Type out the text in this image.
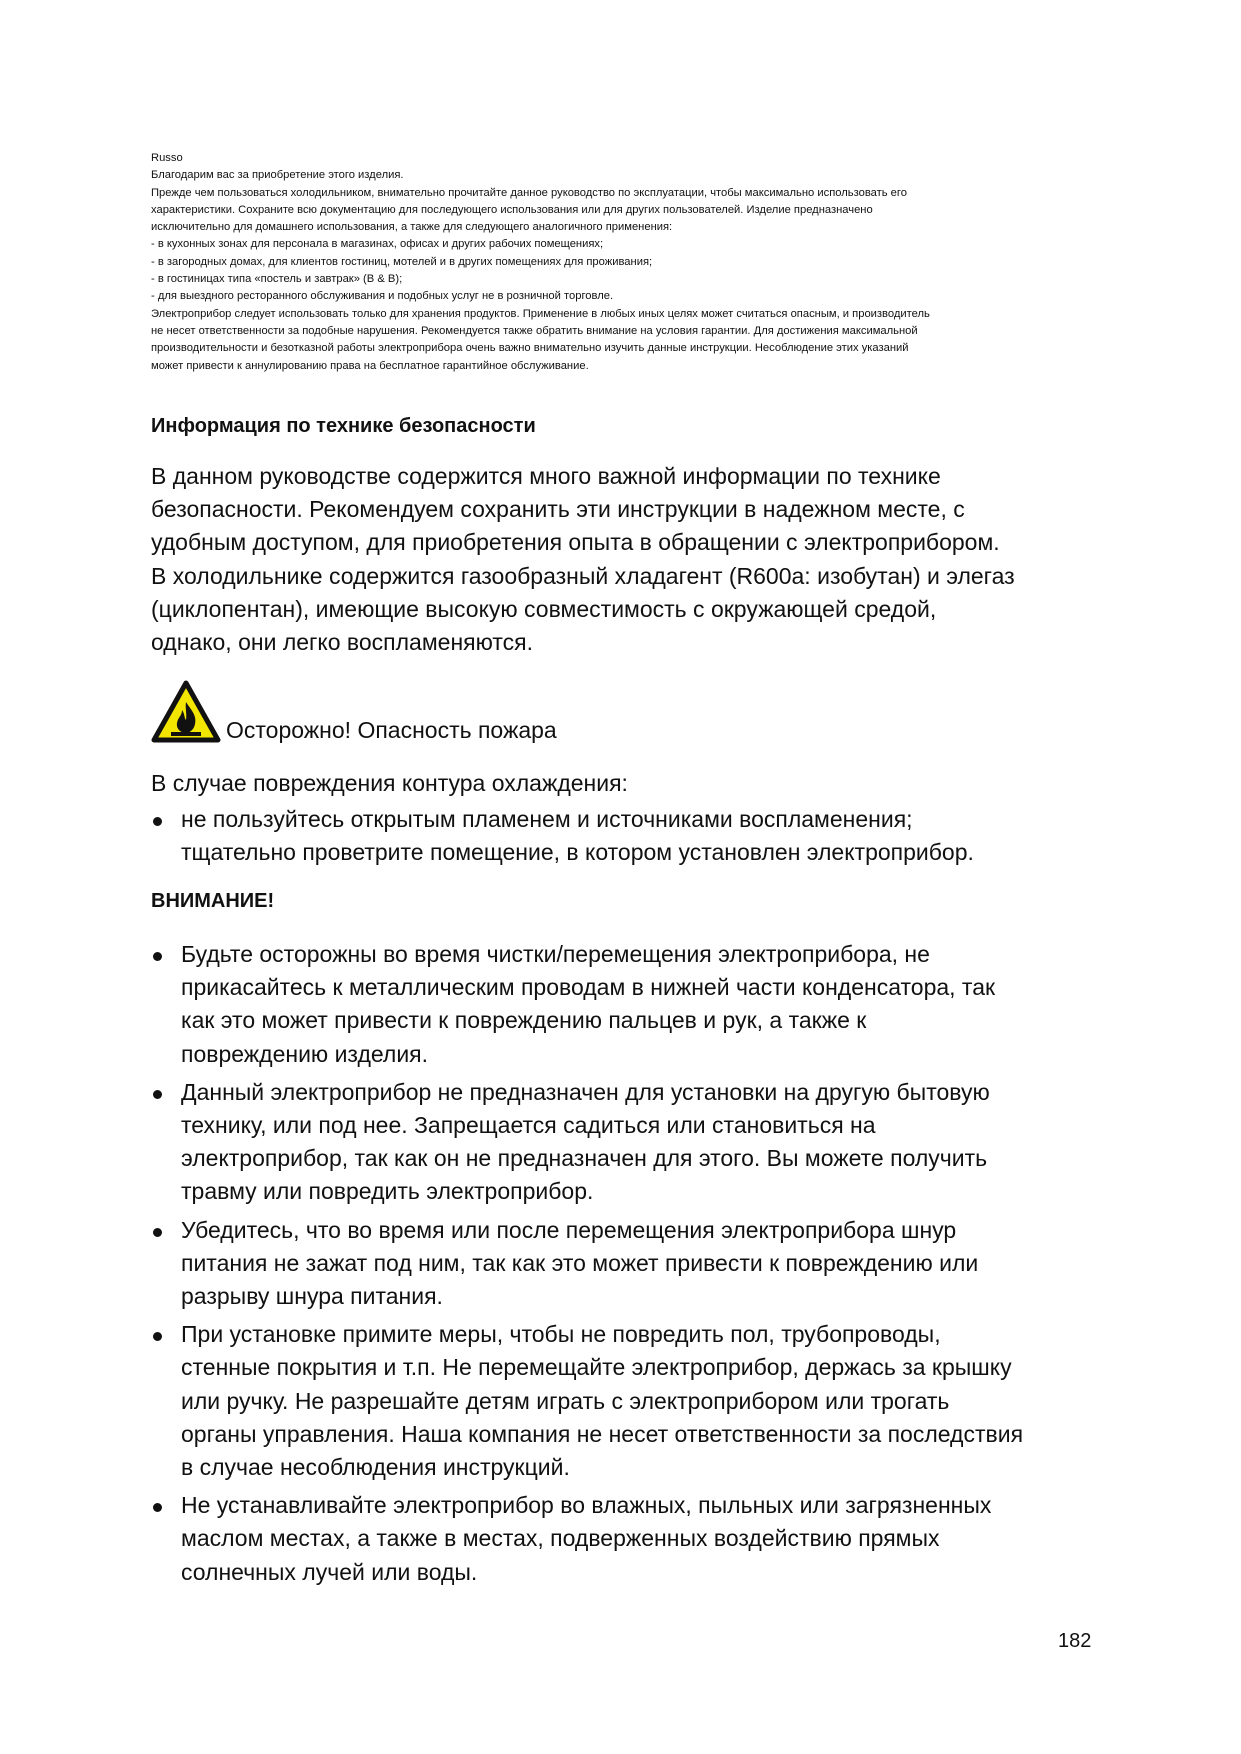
Russo

Благодарим вас за приобретение этого изделия.

Прежде чем пользоваться холодильником, внимательно прочитайте данное руководство по эксплуатации, чтобы максимально использовать его

характеристики. Сохраните всю документацию для последующего использования или для других пользователей. Изделие предназначено

исключительно для домашнего использования, а также для следующего аналогичного применения:

- в кухонных зонах для персонала в магазинах, офисах и других рабочих помещениях;

- в загородных домах, для клиентов гостиниц, мотелей и в других помещениях для проживания;

- в гостиницах типа «постель и завтрак» (B & B);

- для выездного ресторанного обслуживания и подобных услуг не в розничной торговле.

Электроприбор следует использовать только для хранения продуктов. Применение в любых иных целях может считаться опасным, и производитель

не несет ответственности за подобные нарушения. Рекомендуется также обратить внимание на условия гарантии. Для достижения максимальной

производительности и безотказной работы электроприбора очень важно внимательно изучить данные инструкции. Несоблюдение этих указаний

может привести к аннулированию права на бесплатное гарантийное обслуживание.

Информация по технике безопасности
В данном руководстве содержится много важной информации по технике
безопасности. Рекомендуем сохранить эти инструкции в надежном месте, с
удобным доступом, для приобретения опыта в обращении с электроприбором.
В холодильнике содержится газообразный хладагент (R600a: изобутан) и элегаз
(циклопентан), имеющие высокую совместимость с окружающей средой,
однако, они легко воспламеняются.
Осторожно! Опасность пожара

В случае повреждения контура охлаждения:

не пользуйтесь открытым пламенем и источниками воспламенения;
тщательно проветрите помещение, в котором установлен электроприбор.
ВНИМАНИЕ!
Будьте осторожны во время чистки/перемещения электроприбора, не
прикасайтесь к металлическим проводам в нижней части конденсатора, так
как это может привести к повреждению пальцев и рук, а также к
повреждению изделия.
Данный электроприбор не предназначен для установки на другую бытовую
технику, или под нее. Запрещается садиться или становиться на
электроприбор, так как он не предназначен для этого. Вы можете получить
травму или повредить электроприбор.
Убедитесь, что во время или после перемещения электроприбора шнур
питания не зажат под ним, так как это может привести к повреждению или
разрыву шнура питания.
При установке примите меры, чтобы не повредить пол, трубопроводы,
стенные покрытия и т.п. Не перемещайте электроприбор, держась за крышку
или ручку. Не разрешайте детям играть с электроприбором или трогать
органы управления. Наша компания не несет ответственности за последствия
в случае несоблюдения инструкций.
Не устанавливайте электроприбор во влажных, пыльных или загрязненных
маслом местах, а также в местах, подверженных воздействию прямых
солнечных лучей или воды.
182
